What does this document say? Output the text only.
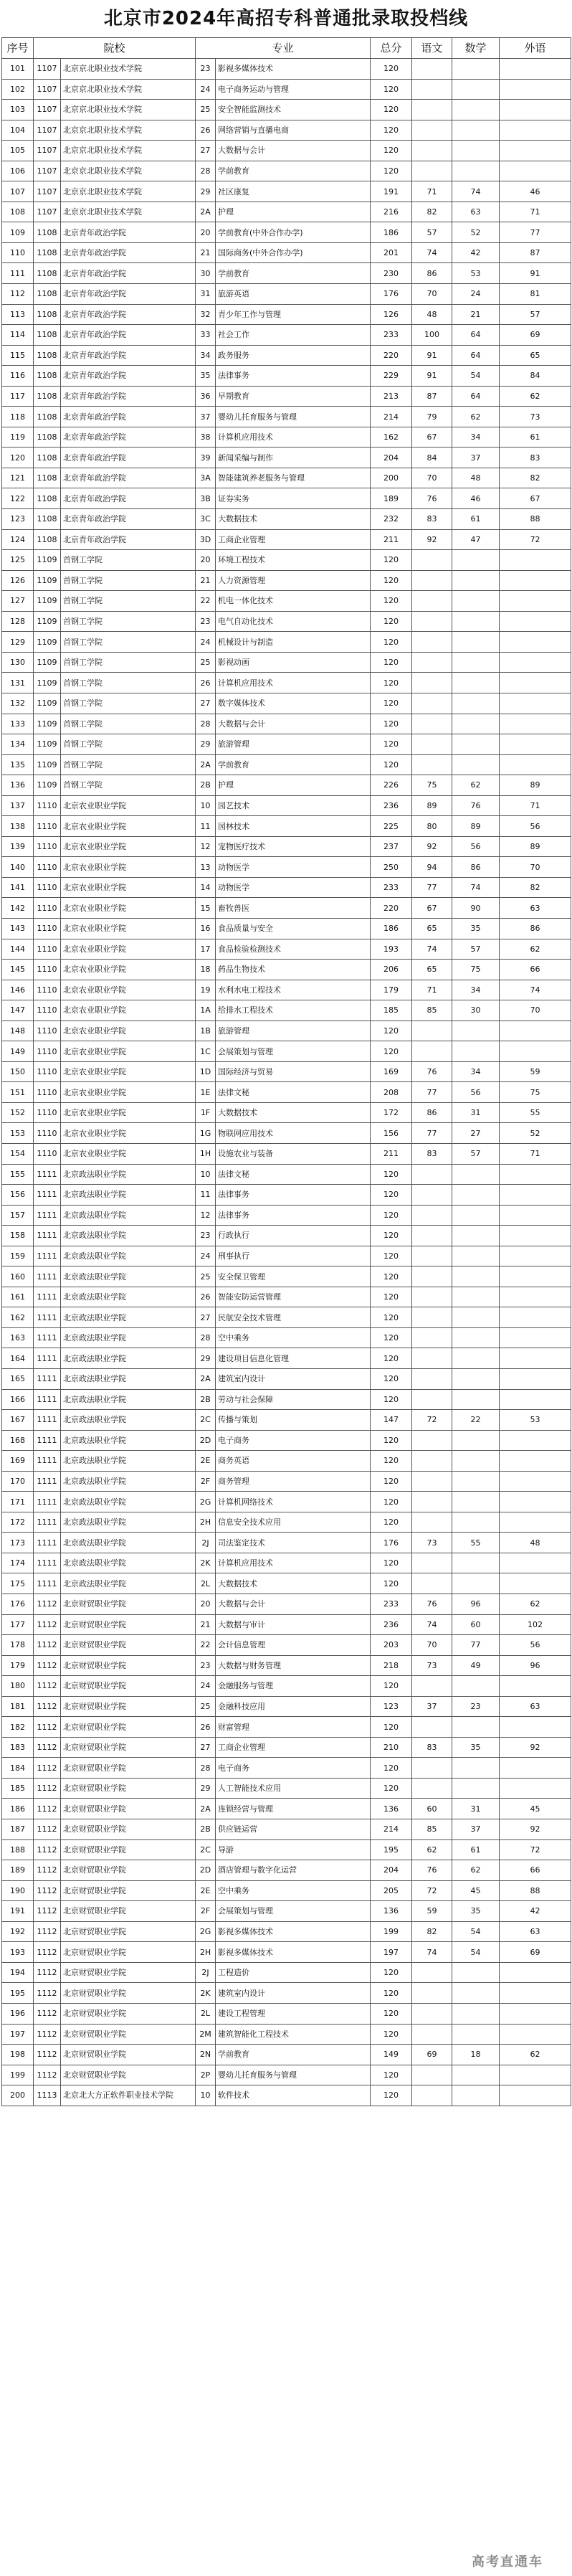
北京市2024年高招专科普通批录取投档线
序号	院校		专业		总分	语文	数学	外语
101	1107	北京京北职业技术学院	23	影视多媒体技术	120			
102	1107	北京京北职业技术学院	24	电子商务运动与管理	120			
103	1107	北京京北职业技术学院	25	安全智能监测技术	120			
104	1107	北京京北职业技术学院	26	网络营销与直播电商	120			
105	1107	北京京北职业技术学院	27	大数据与会计	120			
106	1107	北京京北职业技术学院	28	学前教育	120			
107	1107	北京京北职业技术学院	29	社区康复	191	71	74	46
108	1107	北京京北职业技术学院	2A	护理	216	82	63	71
109	1108	北京青年政治学院	20	学前教育(中外合作办学)	186	57	52	77
110	1108	北京青年政治学院	21	国际商务(中外合作办学)	201	74	42	87
111	1108	北京青年政治学院	30	学前教育	230	86	53	91
112	1108	北京青年政治学院	31	旅游英语	176	70	24	81
113	1108	北京青年政治学院	32	青少年工作与管理	126	48	21	57
114	1108	北京青年政治学院	33	社会工作	233	100	64	69
115	1108	北京青年政治学院	34	政务服务	220	91	64	65
116	1108	北京青年政治学院	35	法律事务	229	91	54	84
117	1108	北京青年政治学院	36	早期教育	213	87	64	62
118	1108	北京青年政治学院	37	婴幼儿托育服务与管理	214	79	62	73
119	1108	北京青年政治学院	38	计算机应用技术	162	67	34	61
120	1108	北京青年政治学院	39	新闻采编与制作	204	84	37	83
121	1108	北京青年政治学院	3A	智能建筑养老服务与管理	200	70	48	82
122	1108	北京青年政治学院	3B	证券实务	189	76	46	67
123	1108	北京青年政治学院	3C	大数据技术	232	83	61	88
124	1108	北京青年政治学院	3D	工商企业管理	211	92	47	72
125	1109	首钢工学院	20	环境工程技术	120			
126	1109	首钢工学院	21	人力资源管理	120			
127	1109	首钢工学院	22	机电一体化技术	120			
128	1109	首钢工学院	23	电气自动化技术	120			
129	1109	首钢工学院	24	机械设计与制造	120			
130	1109	首钢工学院	25	影视动画	120			
131	1109	首钢工学院	26	计算机应用技术	120			
132	1109	首钢工学院	27	数字媒体技术	120			
133	1109	首钢工学院	28	大数据与会计	120			
134	1109	首钢工学院	29	旅游管理	120			
135	1109	首钢工学院	2A	学前教育	120			
136	1109	首钢工学院	2B	护理	226	75	62	89
137	1110	北京农业职业学院	10	园艺技术	236	89	76	71
138	1110	北京农业职业学院	11	园林技术	225	80	89	56
139	1110	北京农业职业学院	12	宠物医疗技术	237	92	56	89
140	1110	北京农业职业学院	13	动物医学	250	94	86	70
141	1110	北京农业职业学院	14	动物医学	233	77	74	82
142	1110	北京农业职业学院	15	畜牧兽医	220	67	90	63
143	1110	北京农业职业学院	16	食品质量与安全	186	65	35	86
144	1110	北京农业职业学院	17	食品检验检测技术	193	74	57	62
145	1110	北京农业职业学院	18	药品生物技术	206	65	75	66
146	1110	北京农业职业学院	19	水利水电工程技术	179	71	34	74
147	1110	北京农业职业学院	1A	给排水工程技术	185	85	30	70
148	1110	北京农业职业学院	1B	旅游管理	120			
149	1110	北京农业职业学院	1C	会展策划与管理	120			
150	1110	北京农业职业学院	1D	国际经济与贸易	169	76	34	59
151	1110	北京农业职业学院	1E	法律文秘	208	77	56	75
152	1110	北京农业职业学院	1F	大数据技术	172	86	31	55
153	1110	北京农业职业学院	1G	物联网应用技术	156	77	27	52
154	1110	北京农业职业学院	1H	设施农业与装备	211	83	57	71
155	1111	北京政法职业学院	10	法律文秘	120			
156	1111	北京政法职业学院	11	法律事务	120			
157	1111	北京政法职业学院	12	法律事务	120			
158	1111	北京政法职业学院	23	行政执行	120			
159	1111	北京政法职业学院	24	刑事执行	120			
160	1111	北京政法职业学院	25	安全保卫管理	120			
161	1111	北京政法职业学院	26	智能安防运营管理	120			
162	1111	北京政法职业学院	27	民航安全技术管理	120			
163	1111	北京政法职业学院	28	空中乘务	120			
164	1111	北京政法职业学院	29	建设项目信息化管理	120			
165	1111	北京政法职业学院	2A	建筑室内设计	120			
166	1111	北京政法职业学院	2B	劳动与社会保障	120			
167	1111	北京政法职业学院	2C	传播与策划	147	72	22	53
168	1111	北京政法职业学院	2D	电子商务	120			
169	1111	北京政法职业学院	2E	商务英语	120			
170	1111	北京政法职业学院	2F	商务管理	120			
171	1111	北京政法职业学院	2G	计算机网络技术	120			
172	1111	北京政法职业学院	2H	信息安全技术应用	120			
173	1111	北京政法职业学院	2J	司法鉴定技术	176	73	55	48
174	1111	北京政法职业学院	2K	计算机应用技术	120			
175	1111	北京政法职业学院	2L	大数据技术	120			
176	1112	北京财贸职业学院	20	大数据与会计	233	76	96	62
177	1112	北京财贸职业学院	21	大数据与审计	236	74	60	102
178	1112	北京财贸职业学院	22	会计信息管理	203	70	77	56
179	1112	北京财贸职业学院	23	大数据与财务管理	218	73	49	96
180	1112	北京财贸职业学院	24	金融服务与管理	120			
181	1112	北京财贸职业学院	25	金融科技应用	123	37	23	63
182	1112	北京财贸职业学院	26	财富管理	120			
183	1112	北京财贸职业学院	27	工商企业管理	210	83	35	92
184	1112	北京财贸职业学院	28	电子商务	120			
185	1112	北京财贸职业学院	29	人工智能技术应用	120			
186	1112	北京财贸职业学院	2A	连锁经营与管理	136	60	31	45
187	1112	北京财贸职业学院	2B	供应链运营	214	85	37	92
188	1112	北京财贸职业学院	2C	导游	195	62	61	72
189	1112	北京财贸职业学院	2D	酒店管理与数字化运营	204	76	62	66
190	1112	北京财贸职业学院	2E	空中乘务	205	72	45	88
191	1112	北京财贸职业学院	2F	会展策划与管理	136	59	35	42
192	1112	北京财贸职业学院	2G	影视多媒体技术	199	82	54	63
193	1112	北京财贸职业学院	2H	影视多媒体技术	197	74	54	69
194	1112	北京财贸职业学院	2J	工程造价	120			
195	1112	北京财贸职业学院	2K	建筑室内设计	120			
196	1112	北京财贸职业学院	2L	建设工程管理	120			
197	1112	北京财贸职业学院	2M	建筑智能化工程技术	120			
198	1112	北京财贸职业学院	2N	学前教育	149	69	18	62
199	1112	北京财贸职业学院	2P	婴幼儿托育服务与管理	120			
200	1113	北京北大方正软件职业技术学院	10	软件技术	120			
高考直通车
